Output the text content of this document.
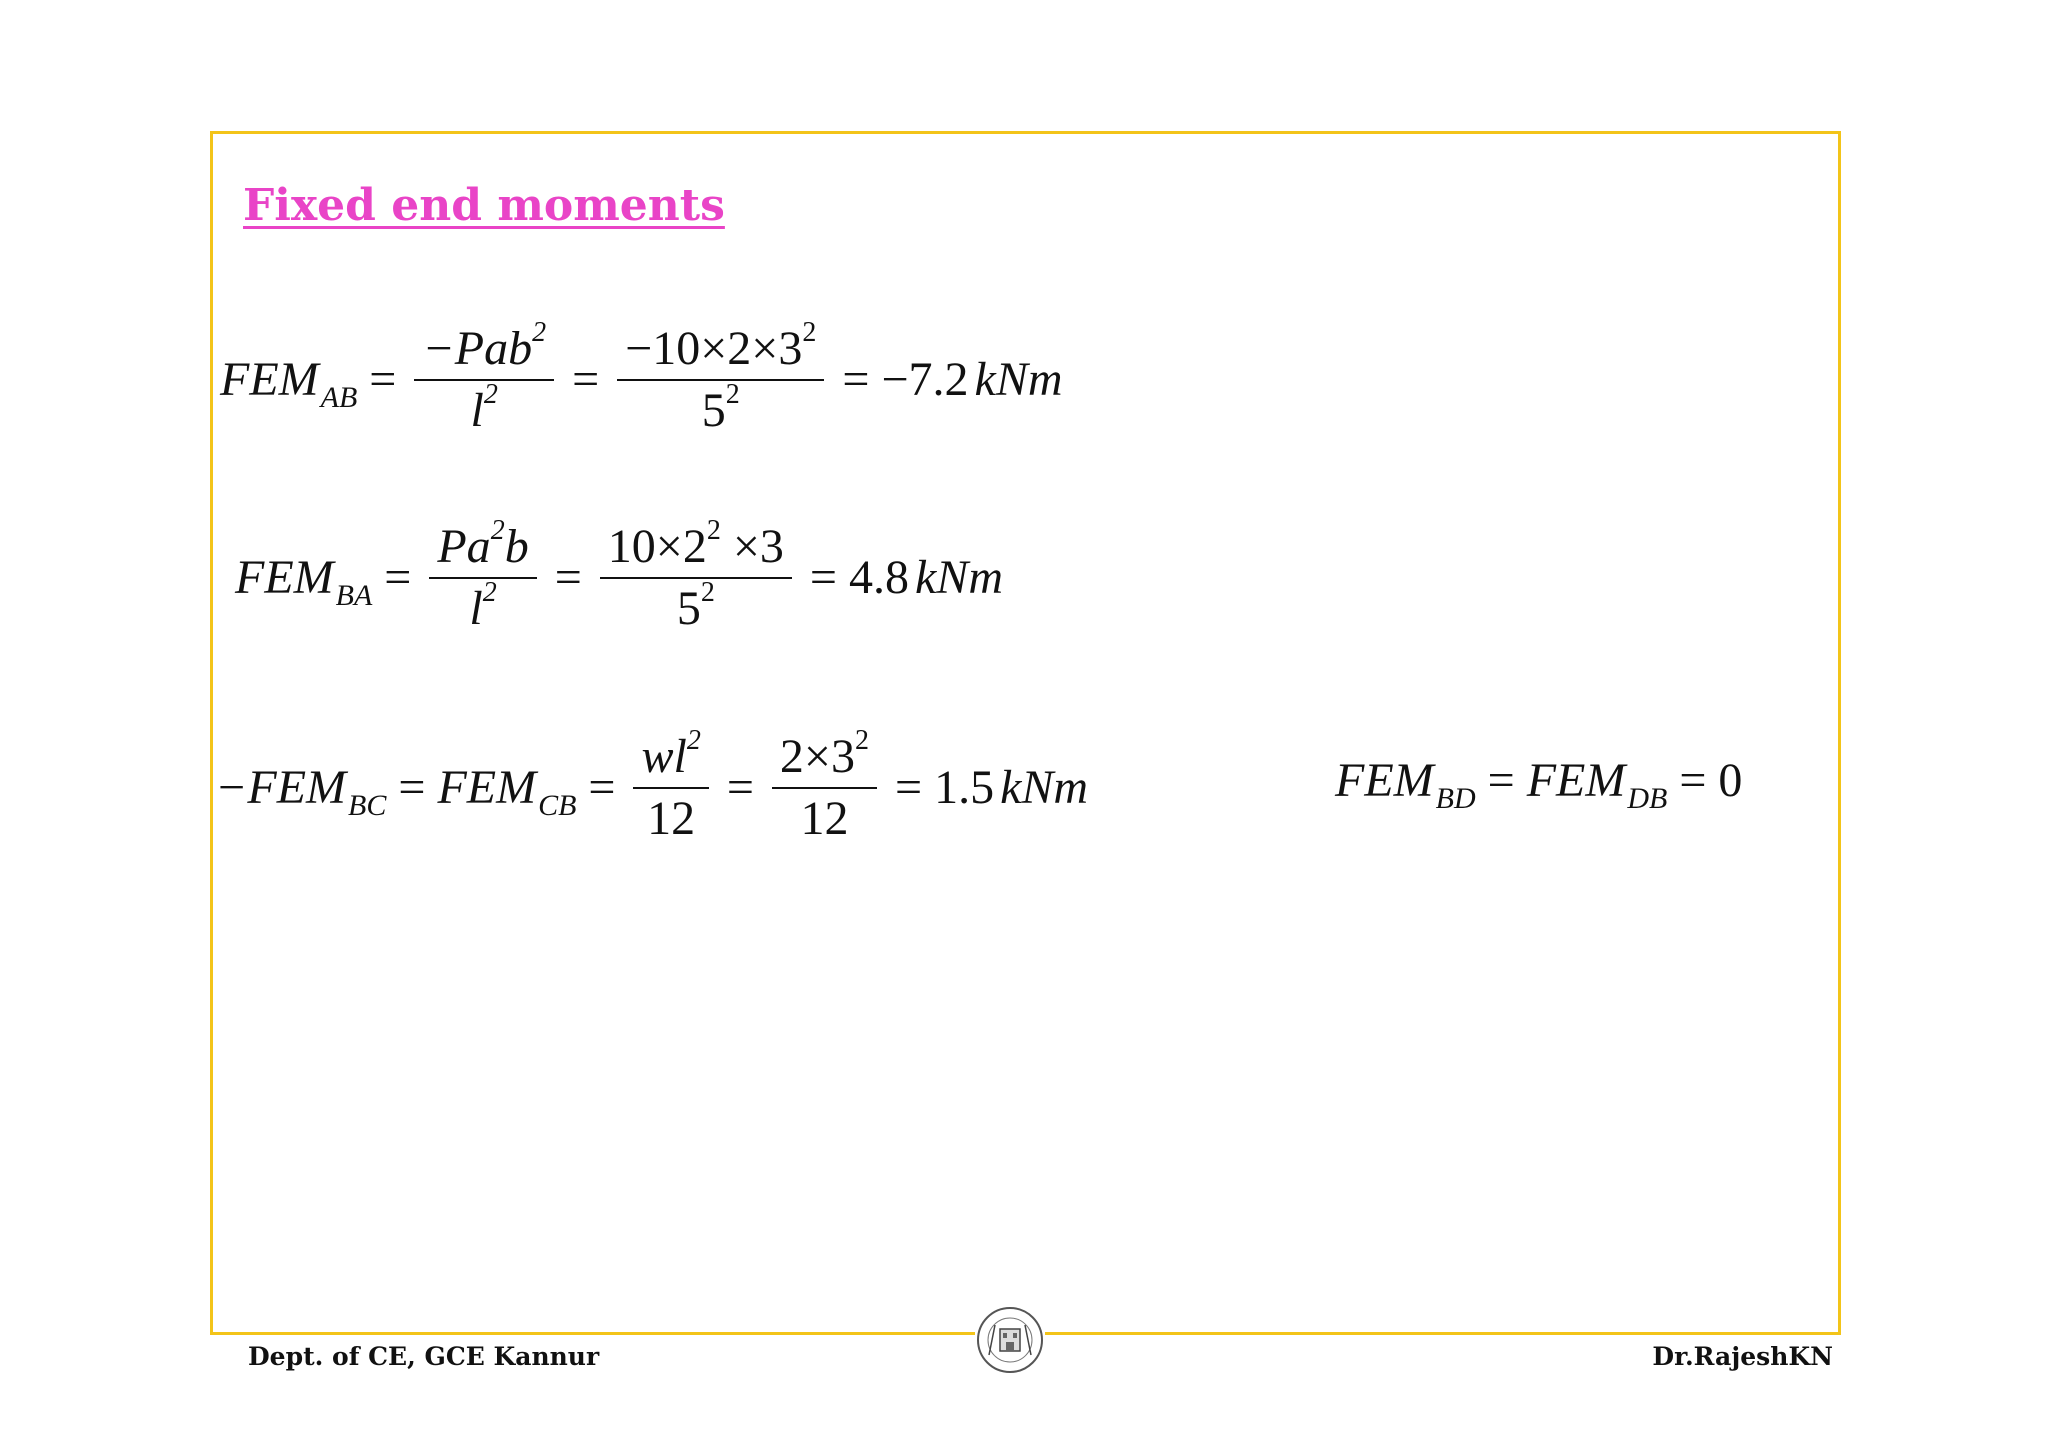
Fixed end moments
FEM AB = $\frac{-Pab^2}{l^2} = \frac{-10\times 2\times 3^2}{5^2} = -7.2$ kNm
FEM BA = $\frac{Pa^2b}{l^2} = \frac{10\times 2^2 \times 3}{5^2} = 4.8$ kNm
−FEM BC = FEM CB = $\frac{wl^2}{12} = \frac{2\times 3^2}{12} = 1.5$ kNm	FEM BD = FEM DB = 0
Dept. of CE, GCE Kannur	Dr.RajeshKN
